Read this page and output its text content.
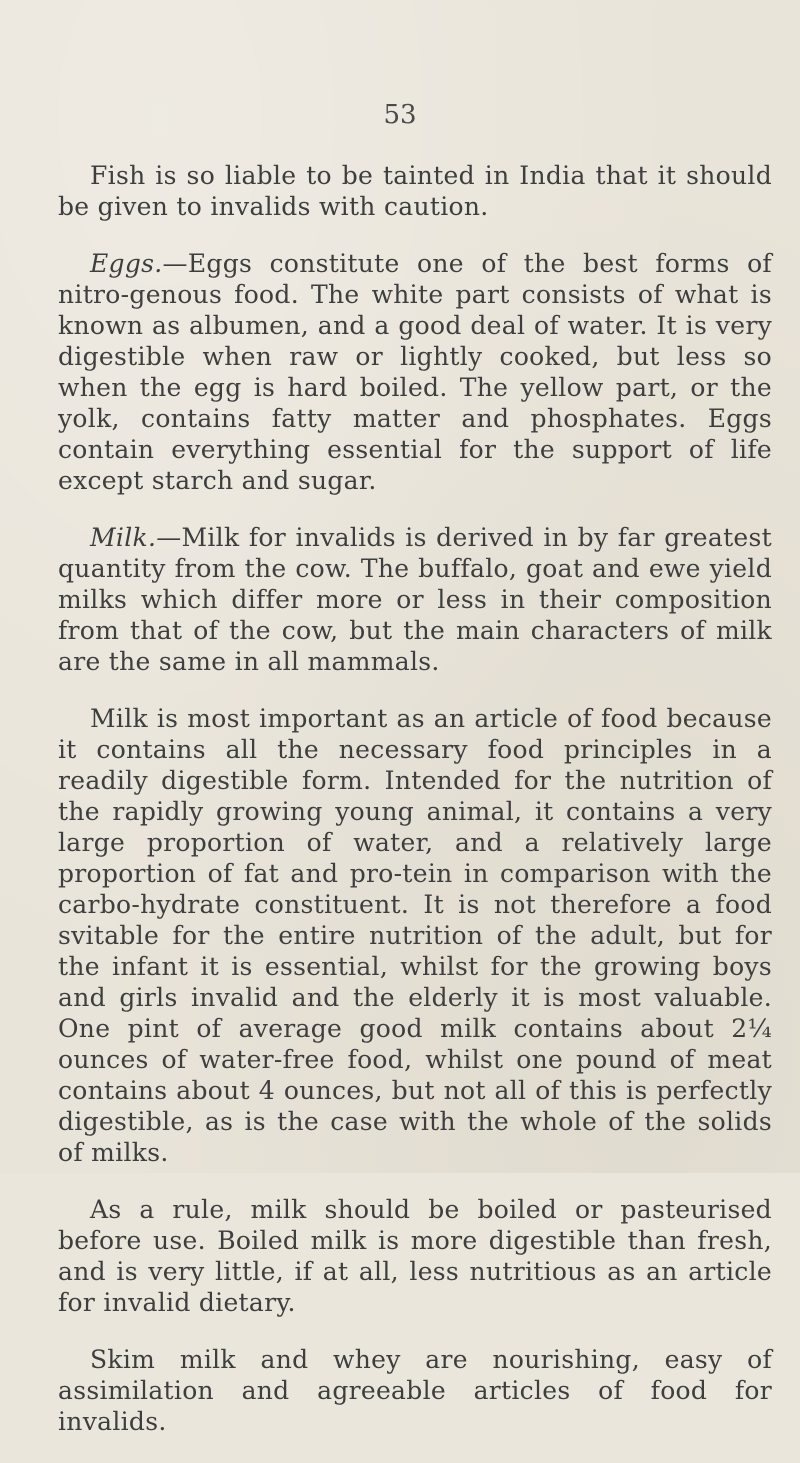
53

Fish is so liable to be tainted in India that it should be given to invalids with caution.

Eggs.—Eggs constitute one of the best forms of nitro-genous food. The white part consists of what is known as albumen, and a good deal of water. It is very digestible when raw or lightly cooked, but less so when the egg is hard boiled. The yellow part, or the yolk, contains fatty matter and phosphates. Eggs contain everything essential for the support of life except starch and sugar.

Milk.—Milk for invalids is derived in by far greatest quantity from the cow. The buffalo, goat and ewe yield milks which differ more or less in their composition from that of the cow, but the main characters of milk are the same in all mammals.

Milk is most important as an article of food because it contains all the necessary food principles in a readily digestible form. Intended for the nutrition of the rapidly growing young animal, it contains a very large proportion of water, and a relatively large proportion of fat and pro-tein in comparison with the carbo-hydrate constituent. It is not therefore a food svitable for the entire nutrition of the adult, but for the infant it is essential, whilst for the growing boys and girls invalid and the elderly it is most valuable. One pint of average good milk contains about 2¼ ounces of water-free food, whilst one pound of meat contains about 4 ounces, but not all of this is perfectly digestible, as is the case with the whole of the solids of milks.

As a rule, milk should be boiled or pasteurised before use. Boiled milk is more digestible than fresh, and is very little, if at all, less nutritious as an article for invalid dietary.

Skim milk and whey are nourishing, easy of assimilation and agreeable articles of food for invalids.
